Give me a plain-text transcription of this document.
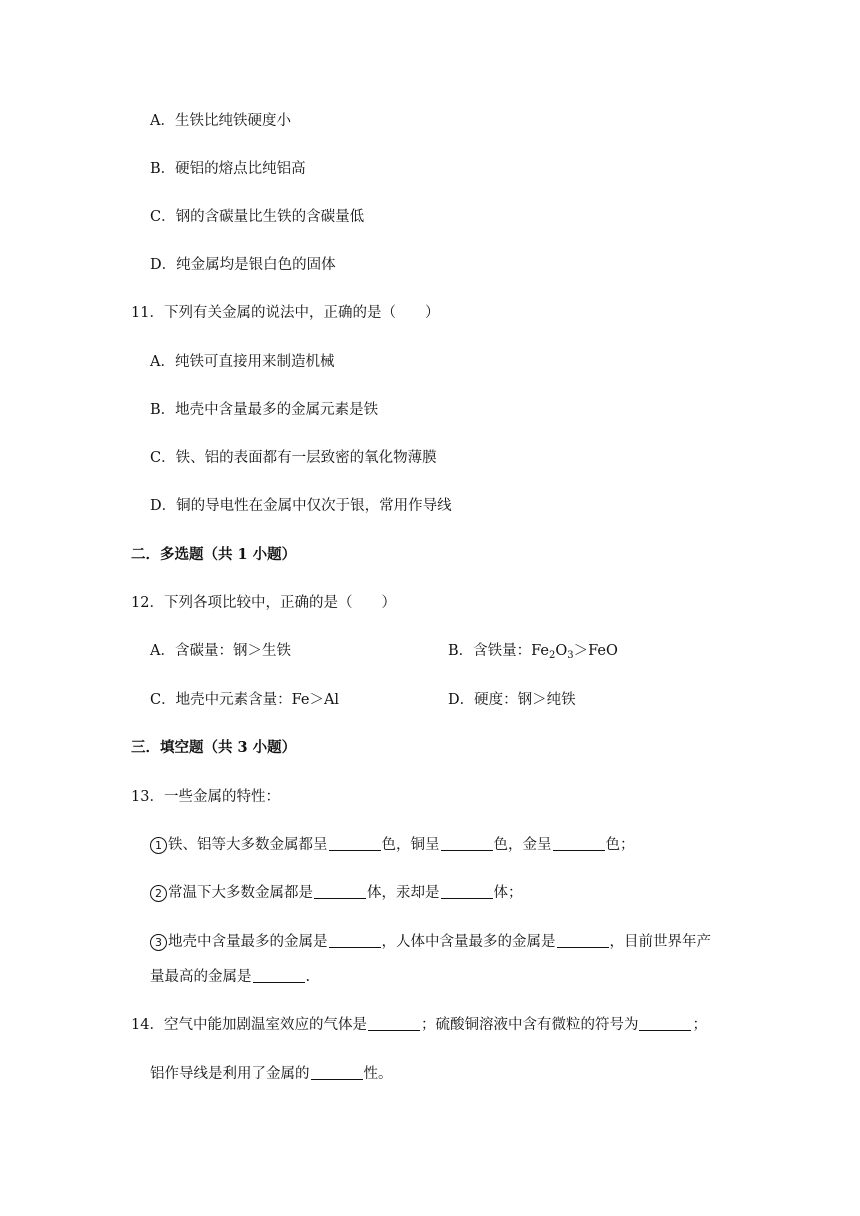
A．生铁比纯铁硬度小
B．硬铝的熔点比纯铝高
C．钢的含碳量比生铁的含碳量低
D．纯金属均是银白色的固体
11．下列有关金属的说法中，正确的是（　　）
A．纯铁可直接用来制造机械
B．地壳中含量最多的金属元素是铁
C．铁、铝的表面都有一层致密的氧化物薄膜
D．铜的导电性在金属中仅次于银，常用作导线
二．多选题（共 1 小题）
12．下列各项比较中，正确的是（　　）
A．含碳量：钢＞生铁	B．含铁量：$Fe_2O_3>FeO$
C．地壳中元素含量：Fe＞Al	D．硬度：钢＞纯铁
三．填空题（共 3 小题）
13．一些金属的特性：
1 铁、铝等大多数金属都呈	色，铜呈	色，金呈	色；
2 常温下大多数金属都是	体，汞却是	体；
3 地壳中含量最多的金属是	，人体中含量最多的金属是	，目前世界年产
量最高的金属是	.
14．空气中能加剧温室效应的气体是	；硫酸铜溶液中含有微粒的符号为	；
铝作导线是利用了金属的	性。
